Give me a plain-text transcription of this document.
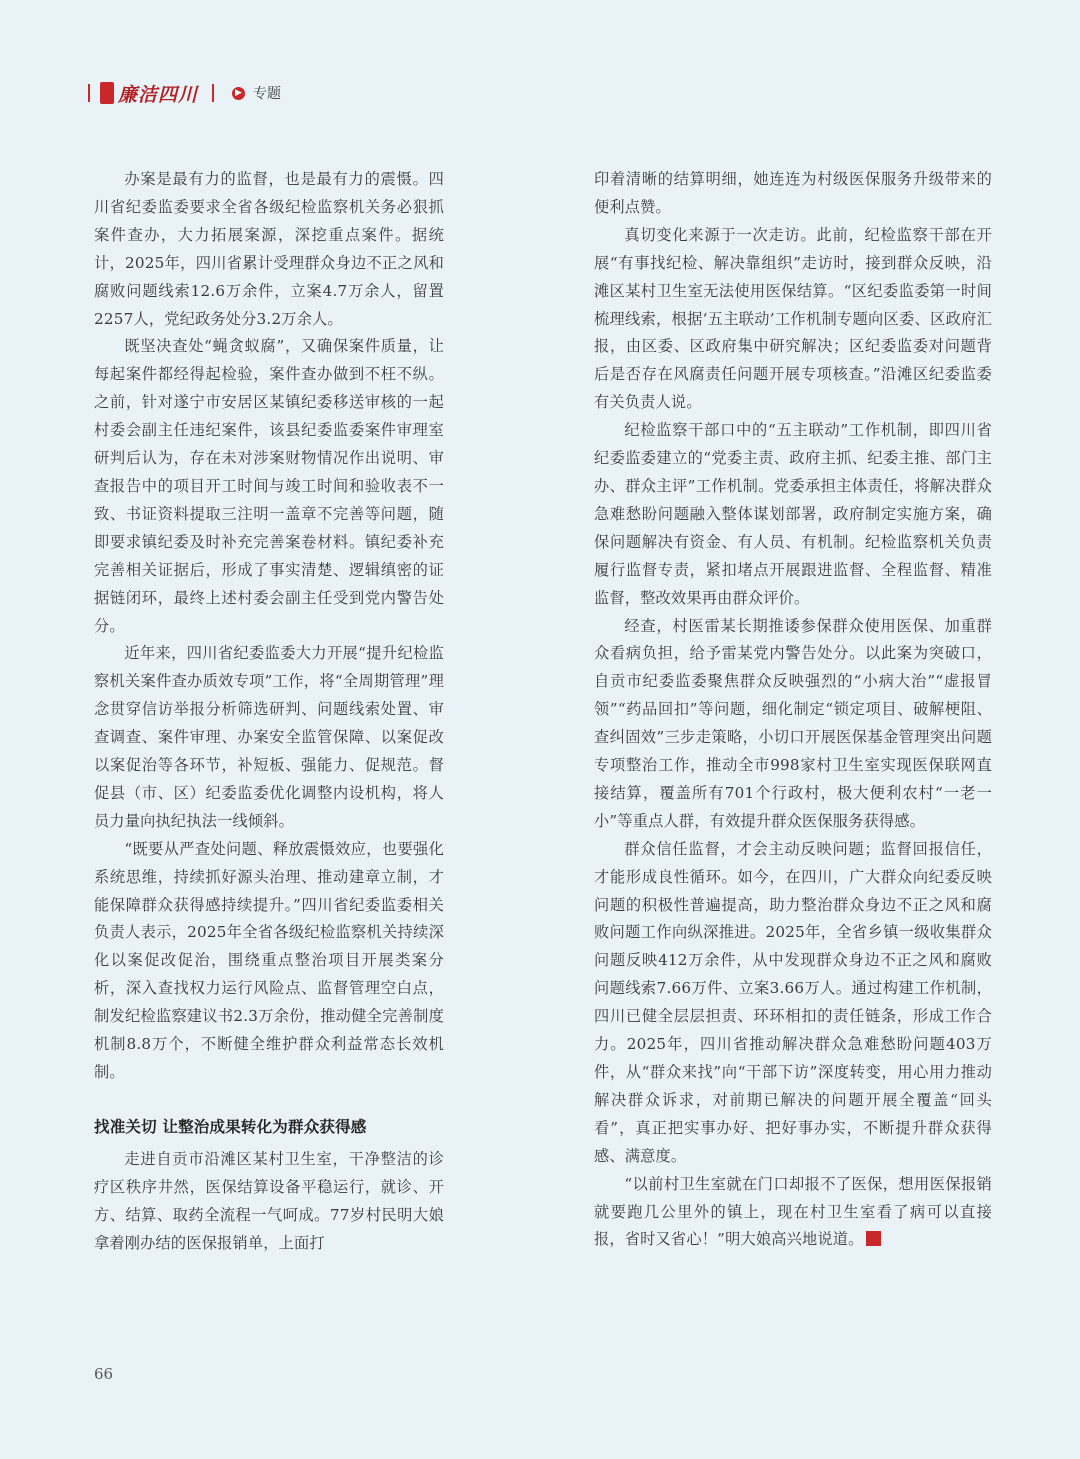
廉洁四川	▶ 专题

办案是最有力的监督，也是最有力的震慑。四川省纪委监委要求全省各级纪检监察机关务必狠抓案件查办，大力拓展案源，深挖重点案件。据统计，2025年，四川省累计受理群众身边不正之风和腐败问题线索12.6万余件，立案4.7万余人，留置2257人，党纪政务处分3.2万余人。

既坚决查处“蝇贪蚁腐”，又确保案件质量，让每起案件都经得起检验，案件查办做到不枉不纵。之前，针对遂宁市安居区某镇纪委移送审核的一起村委会副主任违纪案件，该县纪委监委案件审理室研判后认为，存在未对涉案财物情况作出说明、审查报告中的项目开工时间与竣工时间和验收表不一致、书证资料提取三注明一盖章不完善等问题，随即要求镇纪委及时补充完善案卷材料。镇纪委补充完善相关证据后，形成了事实清楚、逻辑缜密的证据链闭环，最终上述村委会副主任受到党内警告处分。

近年来，四川省纪委监委大力开展“提升纪检监察机关案件查办质效专项”工作，将“全周期管理”理念贯穿信访举报分析筛选研判、问题线索处置、审查调查、案件审理、办案安全监管保障、以案促改以案促治等各环节，补短板、强能力、促规范。督促县（市、区）纪委监委优化调整内设机构，将人员力量向执纪执法一线倾斜。

“既要从严查处问题、释放震慑效应，也要强化系统思维，持续抓好源头治理、推动建章立制，才能保障群众获得感持续提升。”四川省纪委监委相关负责人表示，2025年全省各级纪检监察机关持续深化以案促改促治，围绕重点整治项目开展类案分析，深入查找权力运行风险点、监督管理空白点，制发纪检监察建议书2.3万余份，推动健全完善制度机制8.8万个，不断健全维护群众利益常态长效机制。

找准关切 让整治成果转化为群众获得感

走进自贡市沿滩区某村卫生室，干净整洁的诊疗区秩序井然，医保结算设备平稳运行，就诊、开方、结算、取药全流程一气呵成。77岁村民明大娘拿着刚办结的医保报销单，上面打

印着清晰的结算明细，她连连为村级医保服务升级带来的便利点赞。

真切变化来源于一次走访。此前，纪检监察干部在开展“有事找纪检、解决靠组织”走访时，接到群众反映，沿滩区某村卫生室无法使用医保结算。“区纪委监委第一时间梳理线索，根据‘五主联动’工作机制专题向区委、区政府汇报，由区委、区政府集中研究解决；区纪委监委对问题背后是否存在风腐责任问题开展专项核查。”沿滩区纪委监委有关负责人说。

纪检监察干部口中的“五主联动”工作机制，即四川省纪委监委建立的“党委主责、政府主抓、纪委主推、部门主办、群众主评”工作机制。党委承担主体责任，将解决群众急难愁盼问题融入整体谋划部署，政府制定实施方案，确保问题解决有资金、有人员、有机制。纪检监察机关负责履行监督专责，紧扣堵点开展跟进监督、全程监督、精准监督，整改效果再由群众评价。

经查，村医雷某长期推诿参保群众使用医保、加重群众看病负担，给予雷某党内警告处分。以此案为突破口，自贡市纪委监委聚焦群众反映强烈的“小病大治”“虚报冒领”“药品回扣”等问题，细化制定“锁定项目、破解梗阻、查纠固效”三步走策略，小切口开展医保基金管理突出问题专项整治工作，推动全市998家村卫生室实现医保联网直接结算，覆盖所有701个行政村，极大便利农村“一老一小”等重点人群，有效提升群众医保服务获得感。

群众信任监督，才会主动反映问题；监督回报信任，才能形成良性循环。如今，在四川，广大群众向纪委反映问题的积极性普遍提高，助力整治群众身边不正之风和腐败问题工作向纵深推进。2025年，全省乡镇一级收集群众问题反映412万余件，从中发现群众身边不正之风和腐败问题线索7.66万件、立案3.66万人。通过构建工作机制，四川已健全层层担责、环环相扣的责任链条，形成工作合力。2025年，四川省推动解决群众急难愁盼问题403万件，从“群众来找”向“干部下访”深度转变，用心用力推动解决群众诉求，对前期已解决的问题开展全覆盖“回头看”，真正把实事办好、把好事办实，不断提升群众获得感、满意度。

“以前村卫生室就在门口却报不了医保，想用医保报销就要跑几公里外的镇上，现在村卫生室看了病可以直接报，省时又省心！”明大娘高兴地说道。

66
